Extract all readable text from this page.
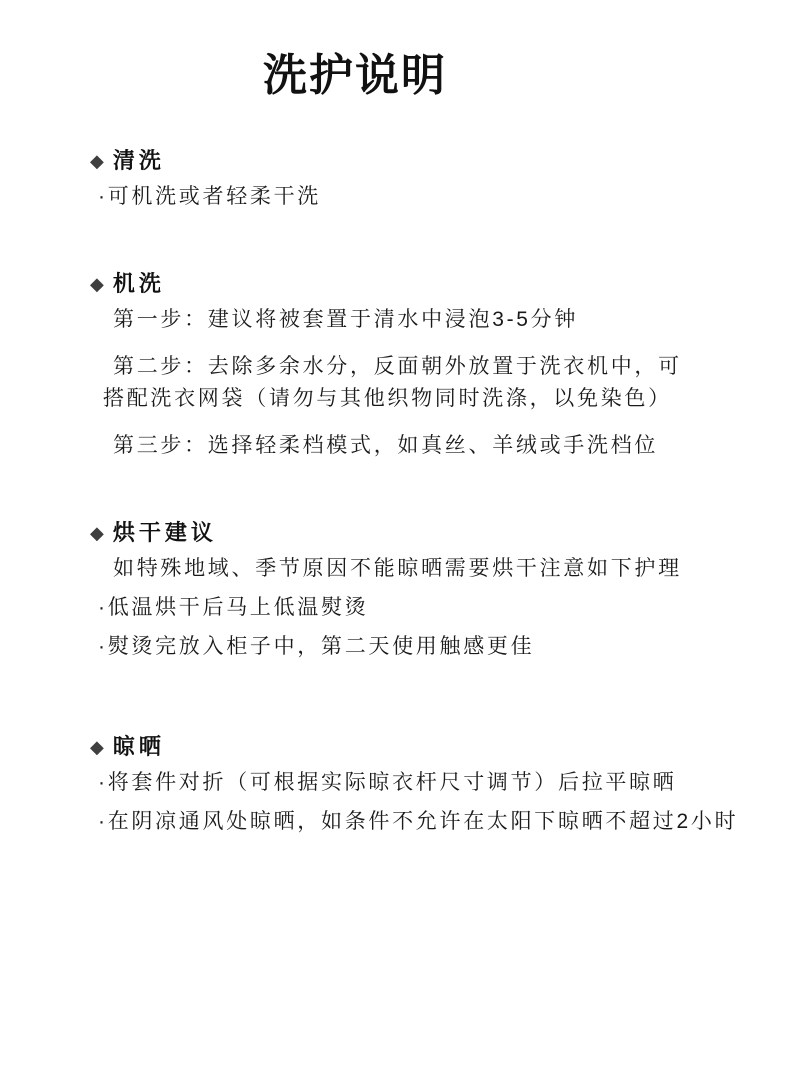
洗护说明
◆ 清洗
·可机洗或者轻柔干洗
◆ 机洗
第一步：建议将被套置于清水中浸泡3-5分钟
第二步：去除多余水分，反面朝外放置于洗衣机中，可搭配洗衣网袋（请勿与其他织物同时洗涤，以免染色）
第三步：选择轻柔档模式，如真丝、羊绒或手洗档位
◆ 烘干建议
如特殊地域、季节原因不能晾晒需要烘干注意如下护理
·低温烘干后马上低温熨烫
·熨烫完放入柜子中，第二天使用触感更佳
◆ 晾晒
·将套件对折（可根据实际晾衣杆尺寸调节）后拉平晾晒
·在阴凉通风处晾晒，如条件不允许在太阳下晾晒不超过2小时
